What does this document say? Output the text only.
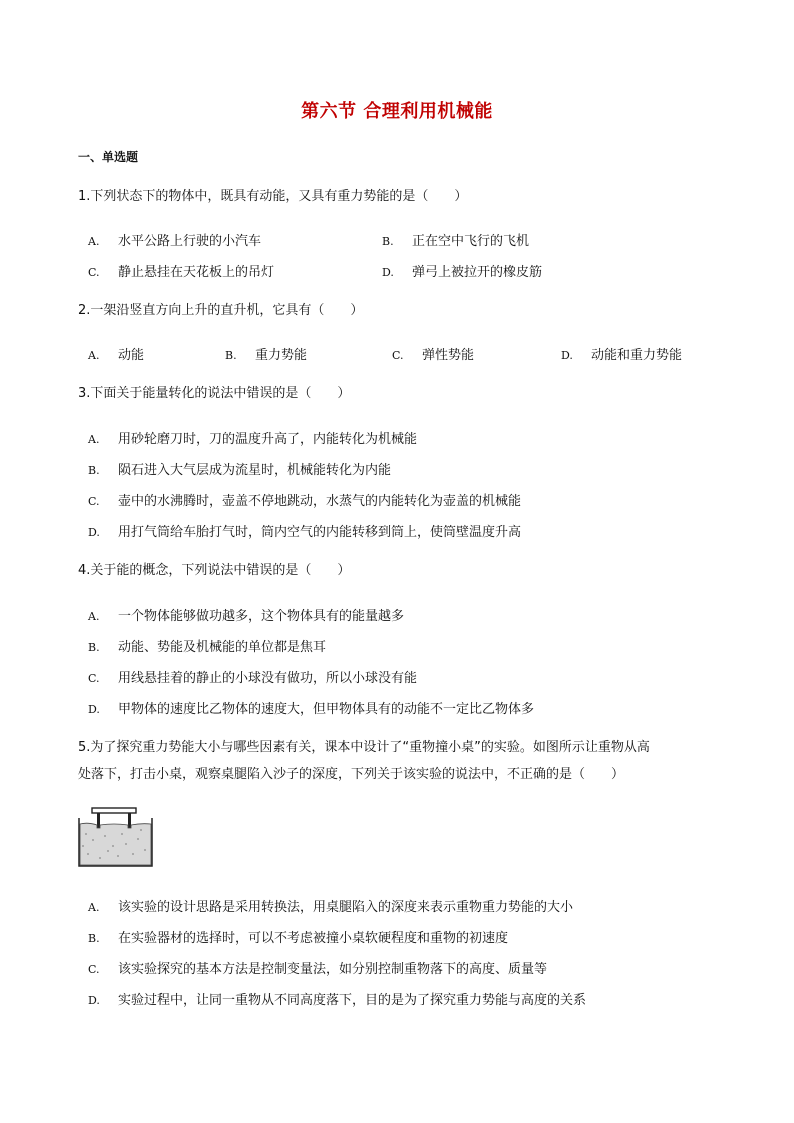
第六节 合理利用机械能
一、单选题
1.下列状态下的物体中，既具有动能，又具有重力势能的是（　　）
A. 水平公路上行驶的小汽车	B. 正在空中飞行的飞机
C. 静止悬挂在天花板上的吊灯	D. 弹弓上被拉开的橡皮筋
2.一架沿竖直方向上升的直升机，它具有（　　）
A. 动能	B. 重力势能	C. 弹性势能	D. 动能和重力势能
3.下面关于能量转化的说法中错误的是（　　）
A. 用砂轮磨刀时，刀的温度升高了，内能转化为机械能
B. 陨石进入大气层成为流星时，机械能转化为内能
C. 壶中的水沸腾时，壶盖不停地跳动，水蒸气的内能转化为壶盖的机械能
D. 用打气筒给车胎打气时，筒内空气的内能转移到筒上，使筒壁温度升高
4.关于能的概念，下列说法中错误的是（　　）
A. 一个物体能够做功越多，这个物体具有的能量越多
B. 动能、势能及机械能的单位都是焦耳
C. 用线悬挂着的静止的小球没有做功，所以小球没有能
D. 甲物体的速度比乙物体的速度大，但甲物体具有的动能不一定比乙物体多
5.为了探究重力势能大小与哪些因素有关，课本中设计了“重物撞小桌”的实验。如图所示让重物从高处落下，打击小桌，观察桌腿陷入沙子的深度，下列关于该实验的说法中，不正确的是（　　）
A. 该实验的设计思路是采用转换法，用桌腿陷入的深度来表示重物重力势能的大小
B. 在实验器材的选择时，可以不考虑被撞小桌软硬程度和重物的初速度
C. 该实验探究的基本方法是控制变量法，如分别控制重物落下的高度、质量等
D. 实验过程中，让同一重物从不同高度落下，目的是为了探究重力势能与高度的关系
